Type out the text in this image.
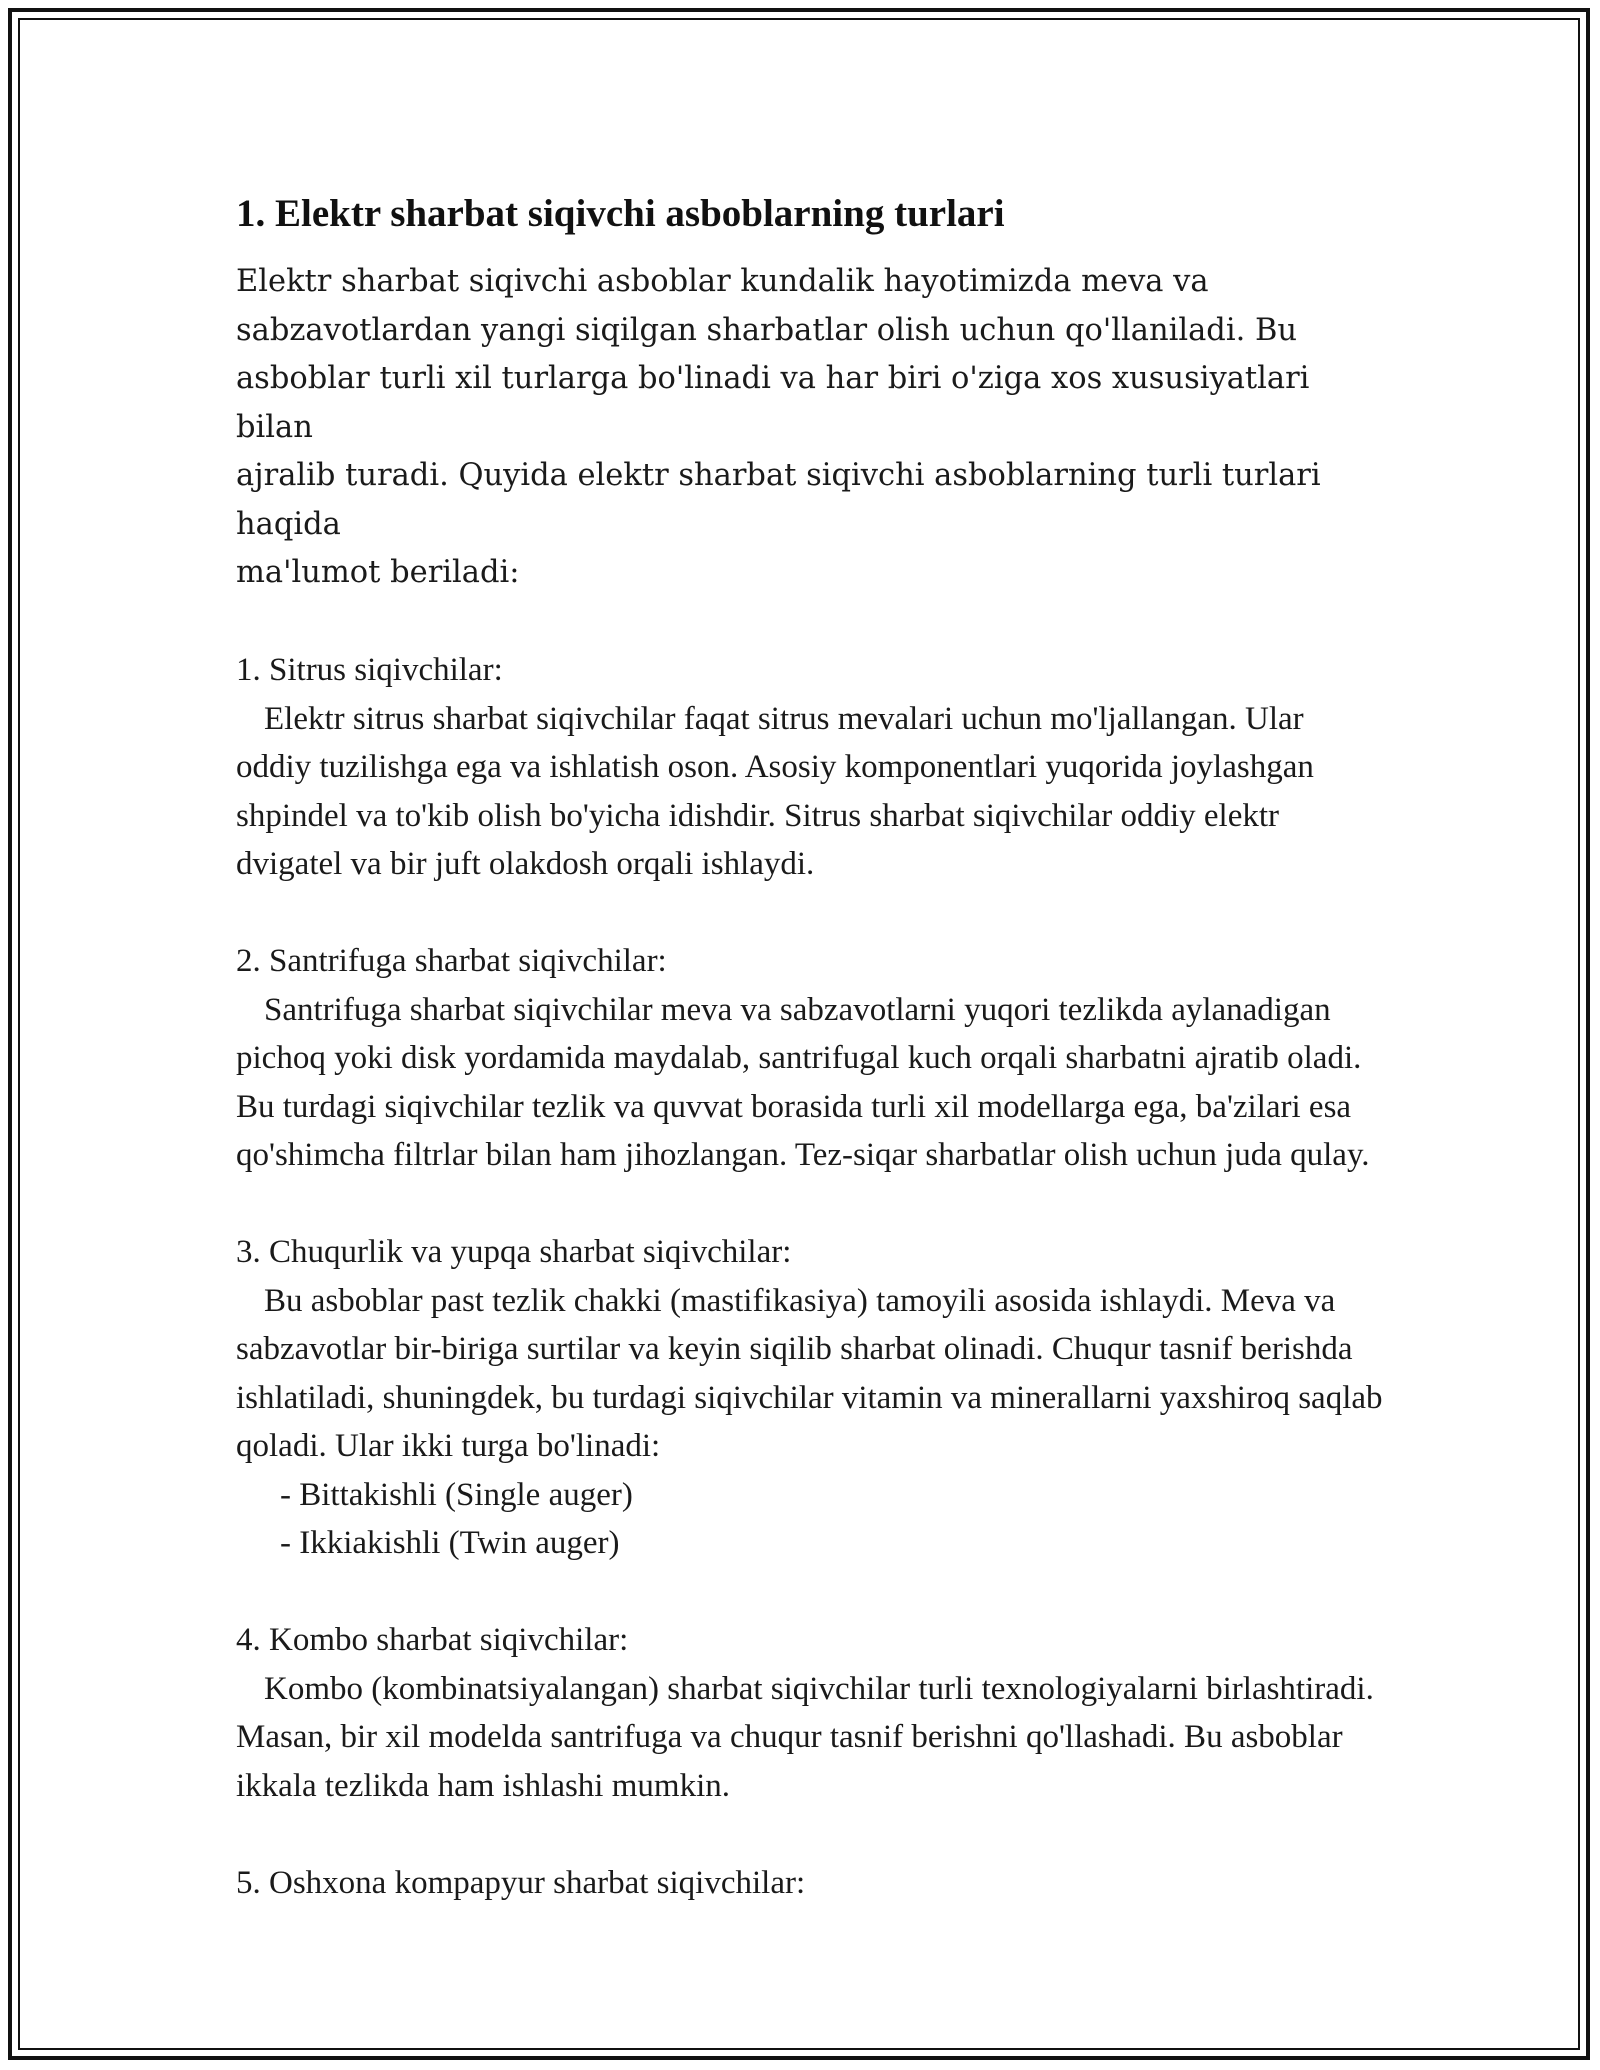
1. Elektr sharbat siqivchi asboblarning turlari

Elektr sharbat siqivchi asboblar kundalik hayotimizda meva va
sabzavotlardan yangi siqilgan sharbatlar olish uchun qo'llaniladi. Bu
asboblar turli xil turlarga bo'linadi va har biri o'ziga xos xususiyatlari bilan
ajralib turadi. Quyida elektr sharbat siqivchi asboblarning turli turlari haqida
ma'lumot beriladi:

1. Sitrus siqivchilar:

Elektr sitrus sharbat siqivchilar faqat sitrus mevalari uchun mo'ljallangan. Ular oddiy tuzilishga ega va ishlatish oson. Asosiy komponentlari yuqorida joylashgan shpindel va to'kib olish bo'yicha idishdir. Sitrus sharbat siqivchilar oddiy elektr dvigatel va bir juft olakdosh orqali ishlaydi.

2. Santrifuga sharbat siqivchilar:

Santrifuga sharbat siqivchilar meva va sabzavotlarni yuqori tezlikda aylanadigan pichoq yoki disk yordamida maydalab, santrifugal kuch orqali sharbatni ajratib oladi. Bu turdagi siqivchilar tezlik va quvvat borasida turli xil modellarga ega, ba'zilari esa qo'shimcha filtrlar bilan ham jihozlangan. Tez-siqar sharbatlar olish uchun juda qulay.

3. Chuqurlik va yupqa sharbat siqivchilar:

Bu asboblar past tezlik chakki (mastifikasiya) tamoyili asosida ishlaydi. Meva va sabzavotlar bir-biriga surtilar va keyin siqilib sharbat olinadi. Chuqur tasnif berishda ishlatiladi, shuningdek, bu turdagi siqivchilar vitamin va minerallarni yaxshiroq saqlab qoladi. Ular ikki turga bo'linadi:

- Bittakishli (Single auger)
- Ikkiakishli (Twin auger)

4. Kombo sharbat siqivchilar:

Kombo (kombinatsiyalangan) sharbat siqivchilar turli texnologiyalarni birlashtiradi. Masan, bir xil modelda santrifuga va chuqur tasnif berishni qo'llashadi. Bu asboblar ikkala tezlikda ham ishlashi mumkin.

5. Oshxona kompapyur sharbat siqivchilar:
